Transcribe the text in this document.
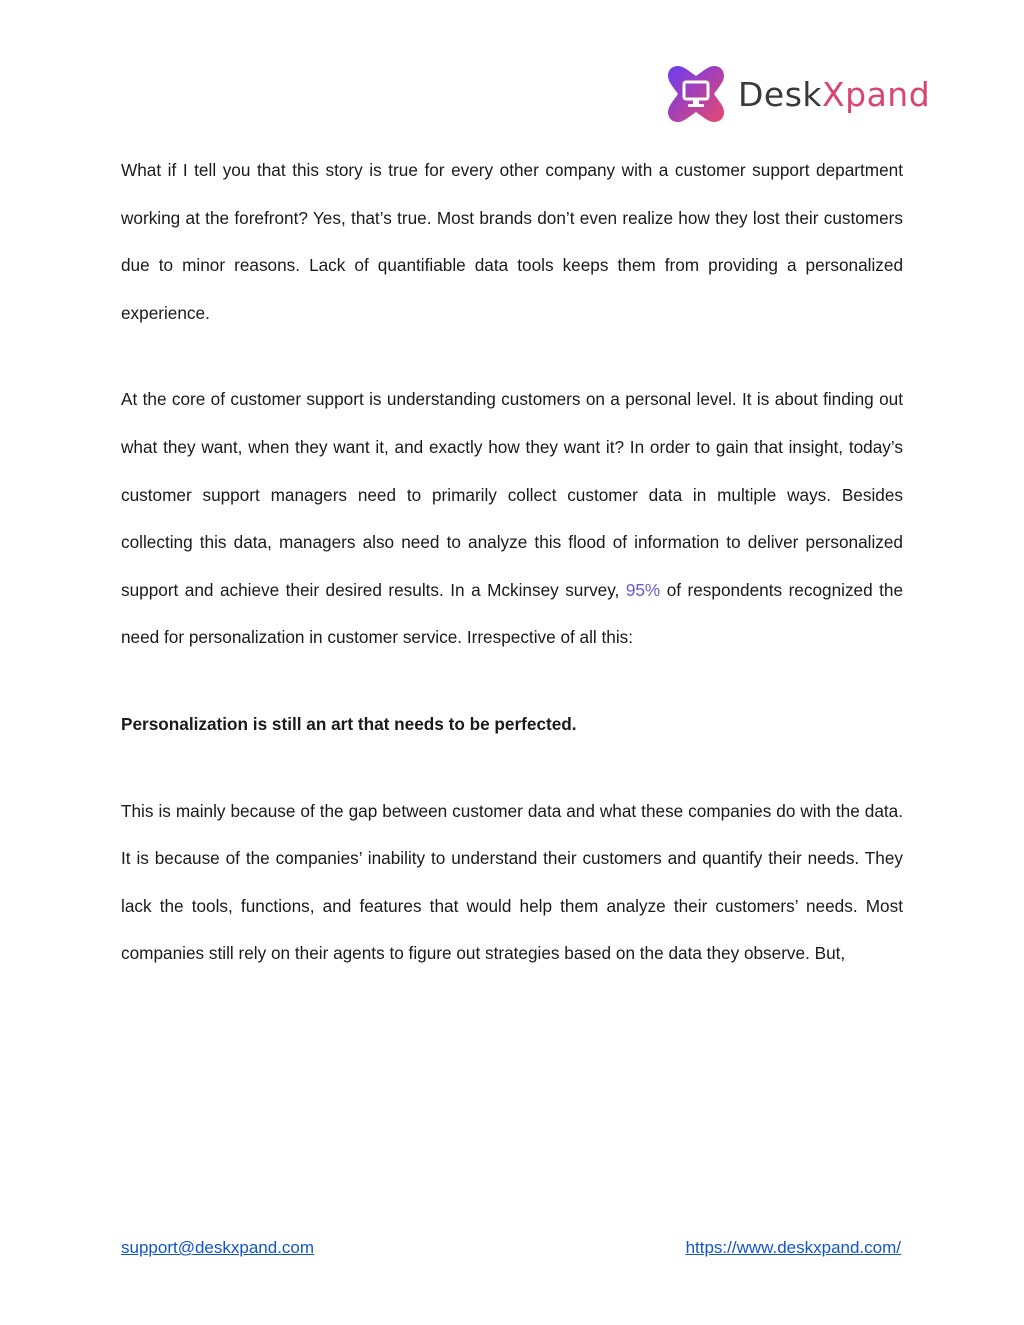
DeskXpand

What if I tell you that this story is true for every other company with a customer support department working at the forefront? Yes, that’s true. Most brands don’t even realize how they lost their customers due to minor reasons. Lack of quantifiable data tools keeps them from providing a personalized experience.

At the core of customer support is understanding customers on a personal level. It is about finding out what they want, when they want it, and exactly how they want it? In order to gain that insight, today’s customer support managers need to primarily collect customer data in multiple ways. Besides collecting this data, managers also need to analyze this flood of information to deliver personalized support and achieve their desired results. In a Mckinsey survey, 95% of respondents recognized the need for personalization in customer service. Irrespective of all this:

Personalization is still an art that needs to be perfected.

This is mainly because of the gap between customer data and what these companies do with the data. It is because of the companies’ inability to understand their customers and quantify their needs. They lack the tools, functions, and features that would help them analyze their customers’ needs. Most companies still rely on their agents to figure out strategies based on the data they observe. But,

support@deskxpand.com	https://www.deskxpand.com/
